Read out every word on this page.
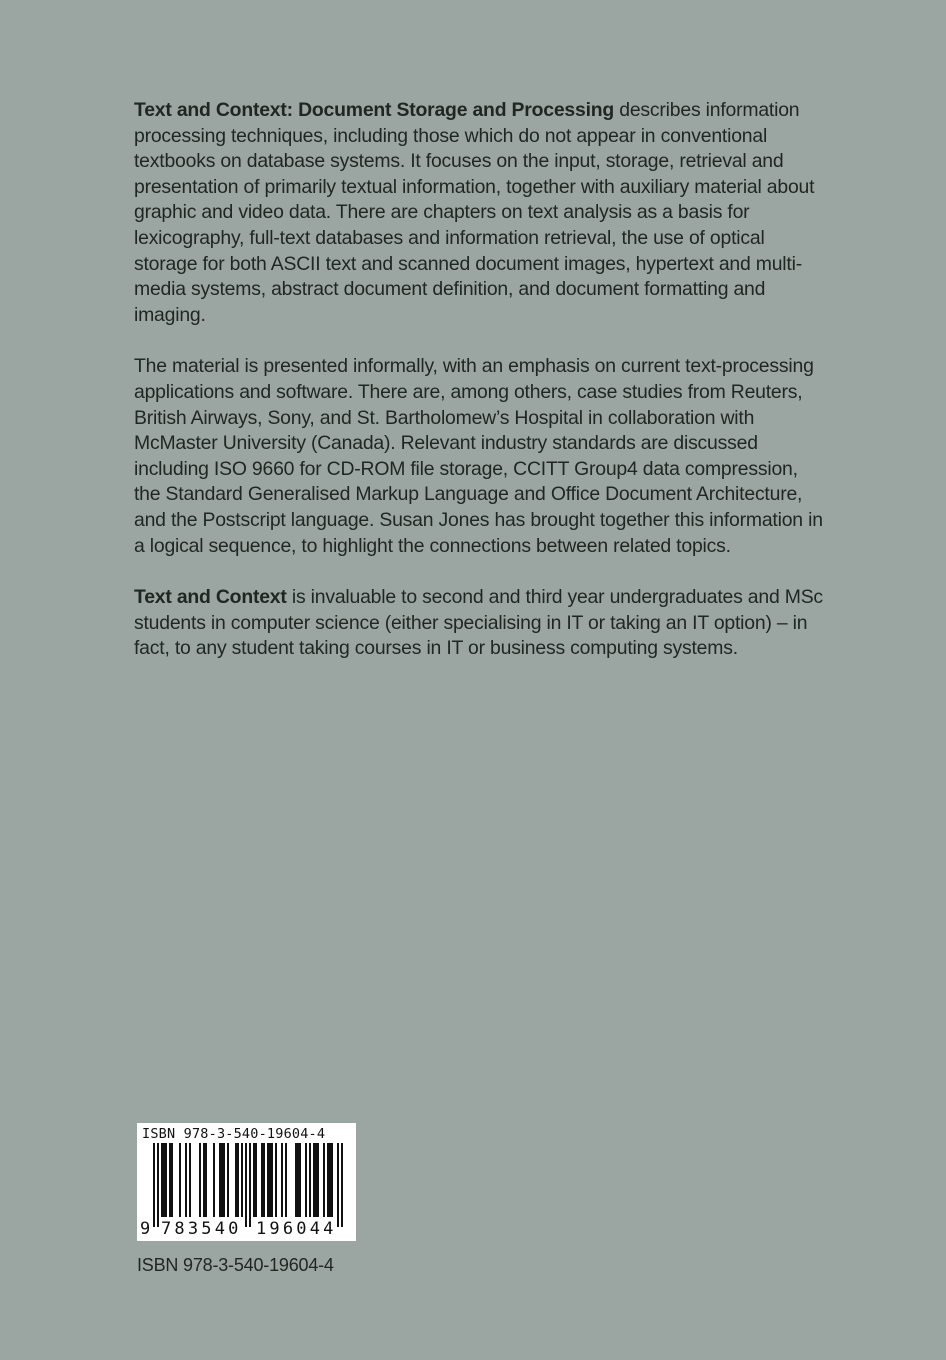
Text and Context: Document Storage and Processing describes information processing techniques, including those which do not appear in conventional textbooks on database systems. It focuses on the input, storage, retrieval and presentation of primarily textual information, together with auxiliary material about graphic and video data. There are chapters on text analysis as a basis for lexicography, full-text databases and information retrieval, the use of optical storage for both ASCII text and scanned document images, hypertext and multi-media systems, abstract document definition, and document formatting and imaging.

The material is presented informally, with an emphasis on current text-processing applications and software. There are, among others, case studies from Reuters, British Airways, Sony, and St. Bartholomew’s Hospital in collaboration with McMaster University (Canada). Relevant industry standards are discussed including ISO 9660 for CD-ROM file storage, CCITT Group4 data compression, the Standard Generalised Markup Language and Office Document Architecture, and the Postscript language. Susan Jones has brought together this information in a logical sequence, to highlight the connections between related topics.

Text and Context is invaluable to second and third year undergraduates and MSc students in computer science (either specialising in IT or taking an IT option) – in fact, to any student taking courses in IT or business computing systems.

ISBN 978-3-540-19604-4
9 783540 196044
ISBN 978-3-540-19604-4
